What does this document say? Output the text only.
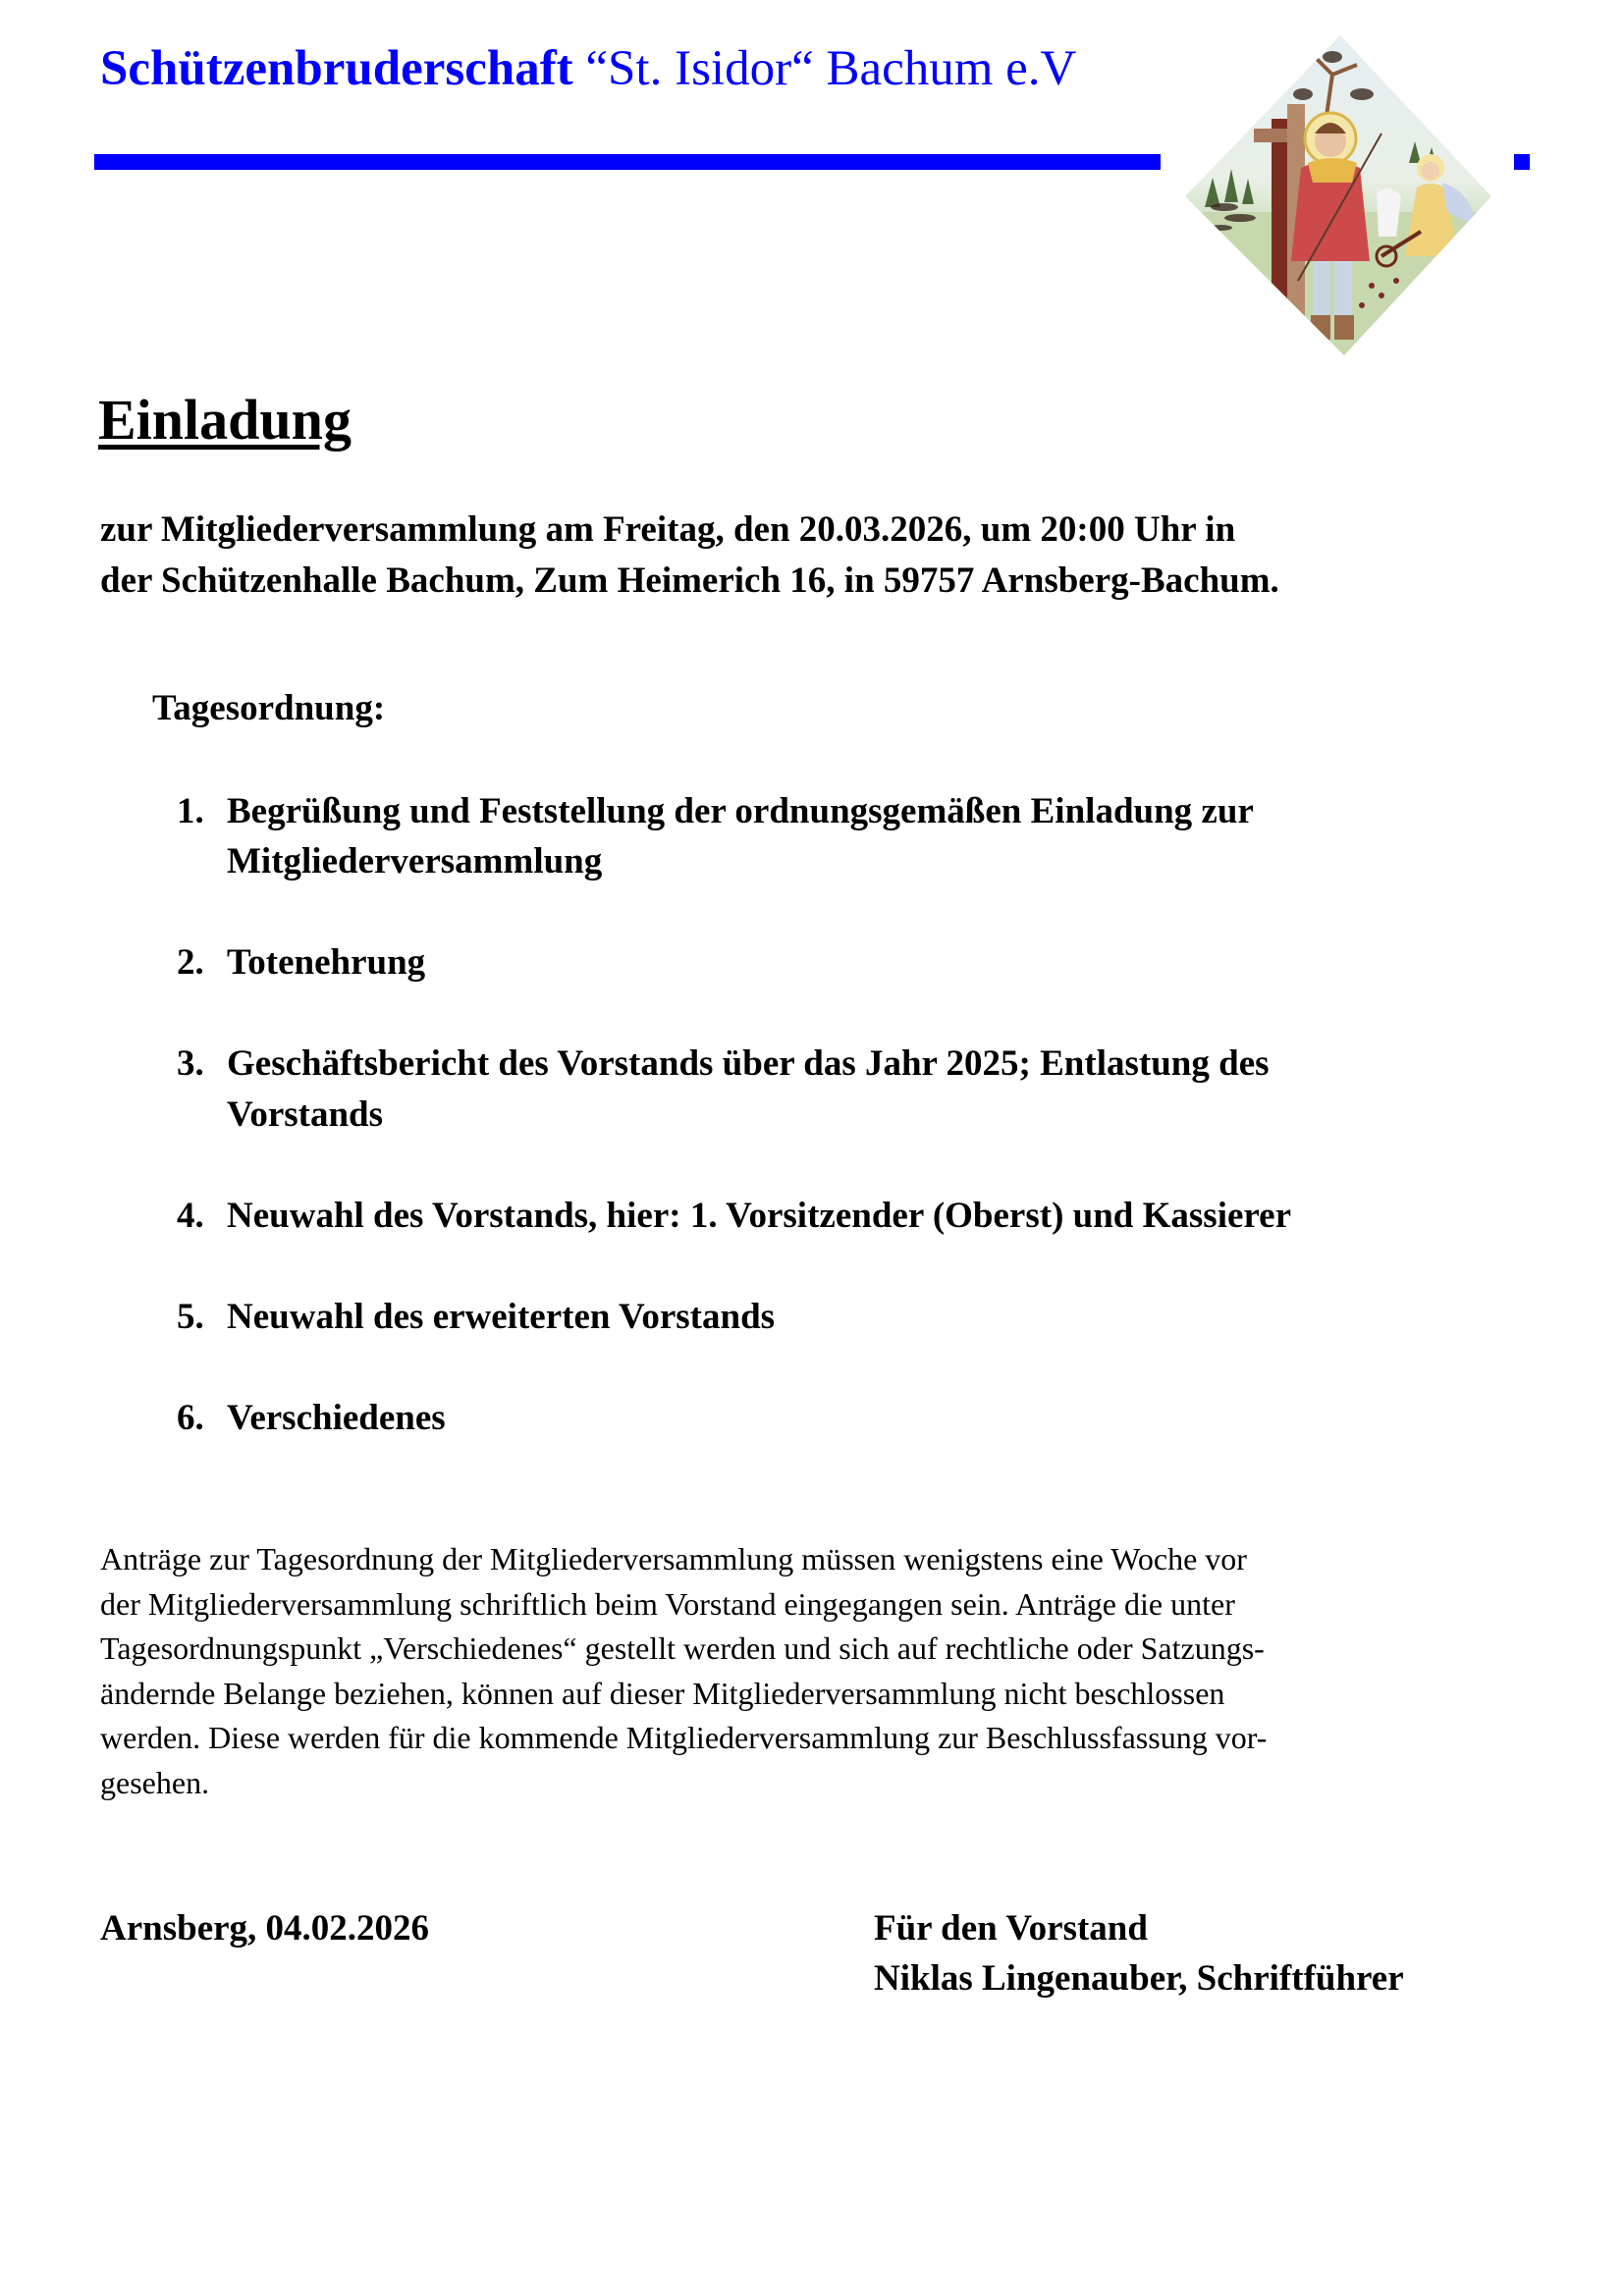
Schützenbruderschaft “St. Isidor“ Bachum e.V
Einladung
zur Mitgliederversammlung am Freitag, den 20.03.2026, um 20:00 Uhr in
der Schützenhalle Bachum, Zum Heimerich 16, in 59757 Arnsberg-Bachum.
Tagesordnung:
1. Begrüßung und Feststellung der ordnungsgemäßen Einladung zur
Mitgliederversammlung
2. Totenehrung
3. Geschäftsbericht des Vorstands über das Jahr 2025; Entlastung des
Vorstands
4. Neuwahl des Vorstands, hier: 1. Vorsitzender (Oberst) und Kassierer
5. Neuwahl des erweiterten Vorstands
6. Verschiedenes
Anträge zur Tagesordnung der Mitgliederversammlung müssen wenigstens eine Woche vor
der Mitgliederversammlung schriftlich beim Vorstand eingegangen sein. Anträge die unter
Tagesordnungspunkt „Verschiedenes“ gestellt werden und sich auf rechtliche oder Satzungs-
ändernde Belange beziehen, können auf dieser Mitgliederversammlung nicht beschlossen
werden. Diese werden für die kommende Mitgliederversammlung zur Beschlussfassung vor-
gesehen.
Arnsberg, 04.02.2026	Für den Vorstand
Niklas Lingenauber, Schriftführer
